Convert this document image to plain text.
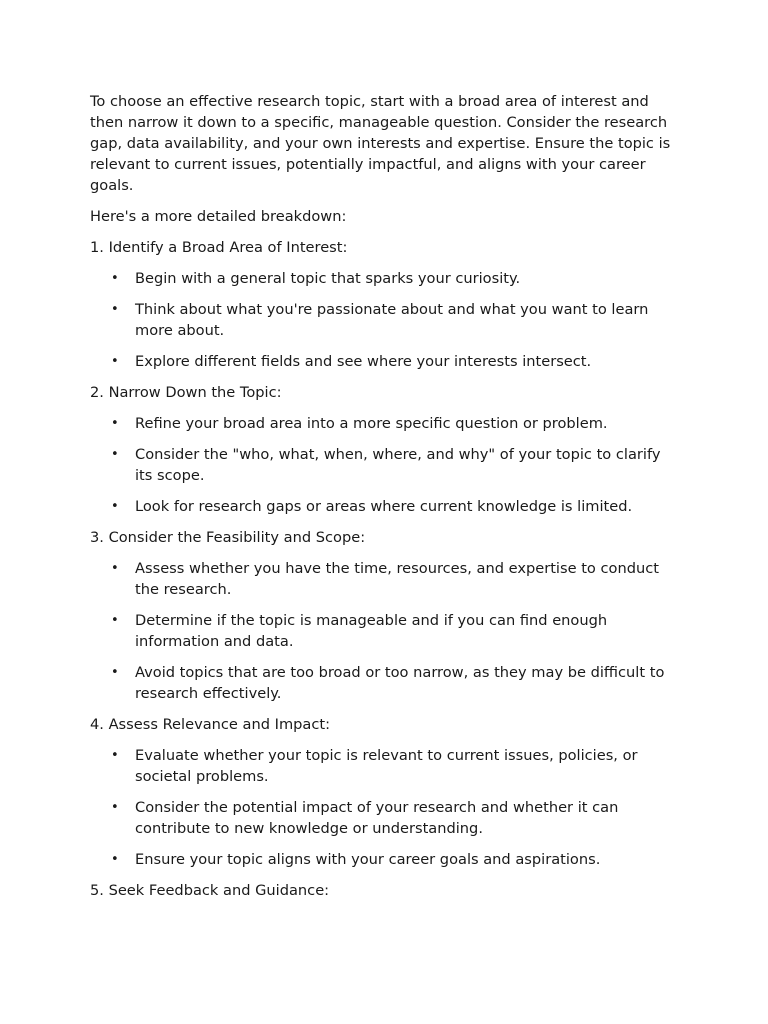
To choose an effective research topic, start with a broad area of interest and then narrow it down to a specific, manageable question. Consider the research gap, data availability, and your own interests and expertise. Ensure the topic is relevant to current issues, potentially impactful, and aligns with your career goals.

Here's a more detailed breakdown:

1. Identify a Broad Area of Interest:

• Begin with a general topic that sparks your curiosity.
• Think about what you're passionate about and what you want to learn more about.
• Explore different fields and see where your interests intersect.

2. Narrow Down the Topic:

• Refine your broad area into a more specific question or problem.
• Consider the "who, what, when, where, and why" of your topic to clarify its scope.
• Look for research gaps or areas where current knowledge is limited.

3. Consider the Feasibility and Scope:

• Assess whether you have the time, resources, and expertise to conduct the research.
• Determine if the topic is manageable and if you can find enough information and data.
• Avoid topics that are too broad or too narrow, as they may be difficult to research effectively.

4. Assess Relevance and Impact:

• Evaluate whether your topic is relevant to current issues, policies, or societal problems.
• Consider the potential impact of your research and whether it can contribute to new knowledge or understanding.
• Ensure your topic aligns with your career goals and aspirations.

5. Seek Feedback and Guidance:
